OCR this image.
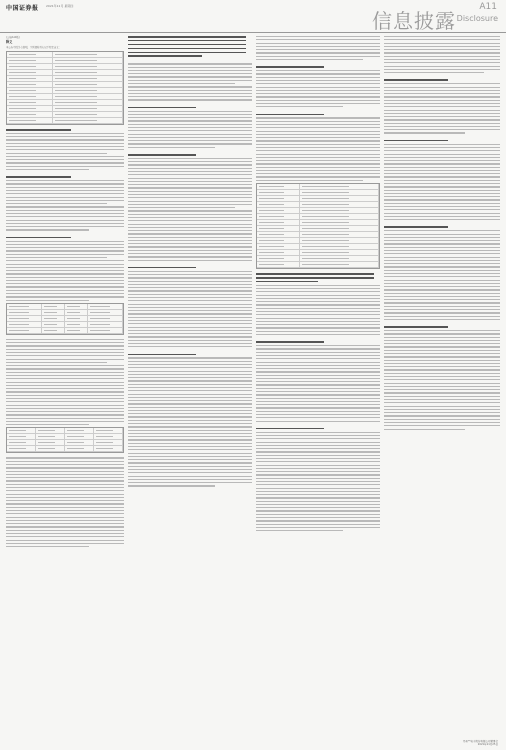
中国证券报 2021年11月 星期四
信息披露
A11
Disclosure
(上接A10版)
释义
本公告中除另有说明，下列简称具有以下特定含义：
苏州**电子股份有限公司董事会
2021年11月25日
